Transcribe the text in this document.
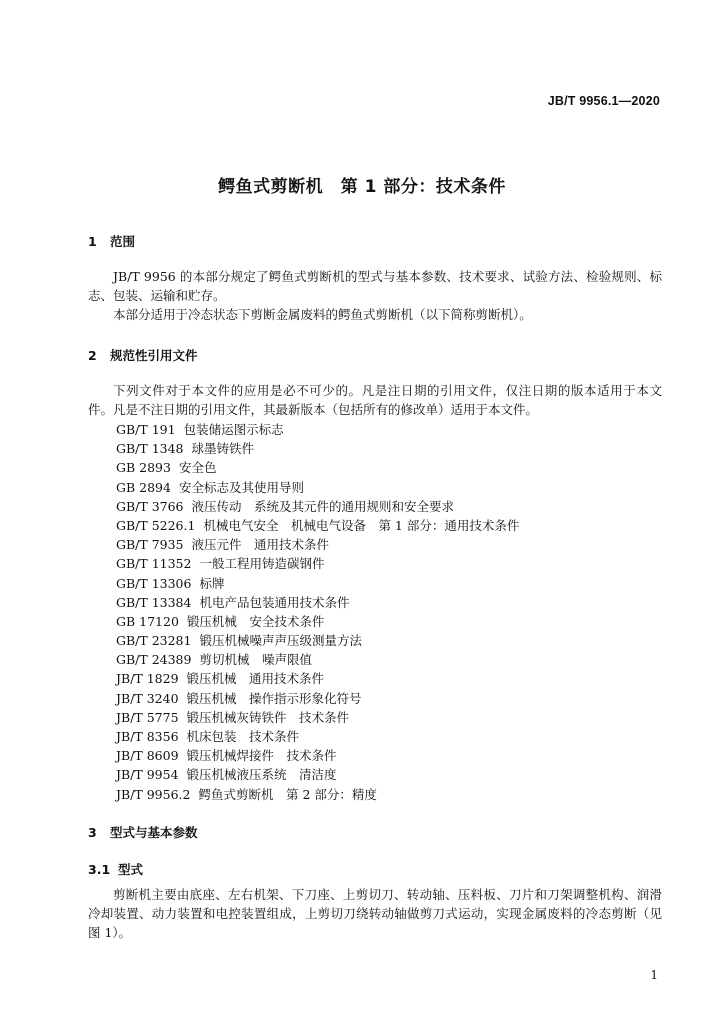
JB/T 9956.1—2020
鳄鱼式剪断机　第 1 部分：技术条件
1 范围
JB/T 9956 的本部分规定了鳄鱼式剪断机的型式与基本参数、技术要求、试验方法、检验规则、标志、包装、运输和贮存。
本部分适用于冷态状态下剪断金属废料的鳄鱼式剪断机（以下简称剪断机）。
2 规范性引用文件
下列文件对于本文件的应用是必不可少的。凡是注日期的引用文件，仅注日期的版本适用于本文件。凡是不注日期的引用文件，其最新版本（包括所有的修改单）适用于本文件。
GB/T 191 包装储运图示标志
GB/T 1348 球墨铸铁件
GB 2893 安全色
GB 2894 安全标志及其使用导则
GB/T 3766 液压传动　系统及其元件的通用规则和安全要求
GB/T 5226.1 机械电气安全　机械电气设备　第 1 部分：通用技术条件
GB/T 7935 液压元件　通用技术条件
GB/T 11352 一般工程用铸造碳钢件
GB/T 13306 标牌
GB/T 13384 机电产品包装通用技术条件
GB 17120 锻压机械　安全技术条件
GB/T 23281 锻压机械噪声声压级测量方法
GB/T 24389 剪切机械　噪声限值
JB/T 1829 锻压机械　通用技术条件
JB/T 3240 锻压机械　操作指示形象化符号
JB/T 5775 锻压机械灰铸铁件　技术条件
JB/T 8356 机床包装　技术条件
JB/T 8609 锻压机械焊接件　技术条件
JB/T 9954 锻压机械液压系统　清洁度
JB/T 9956.2 鳄鱼式剪断机　第 2 部分：精度
3 型式与基本参数
3.1 型式
剪断机主要由底座、左右机架、下刀座、上剪切刀、转动轴、压料板、刀片和刀架调整机构、润滑冷却装置、动力装置和电控装置组成，上剪切刀绕转动轴做剪刀式运动，实现金属废料的冷态剪断（见图 1）。
1
